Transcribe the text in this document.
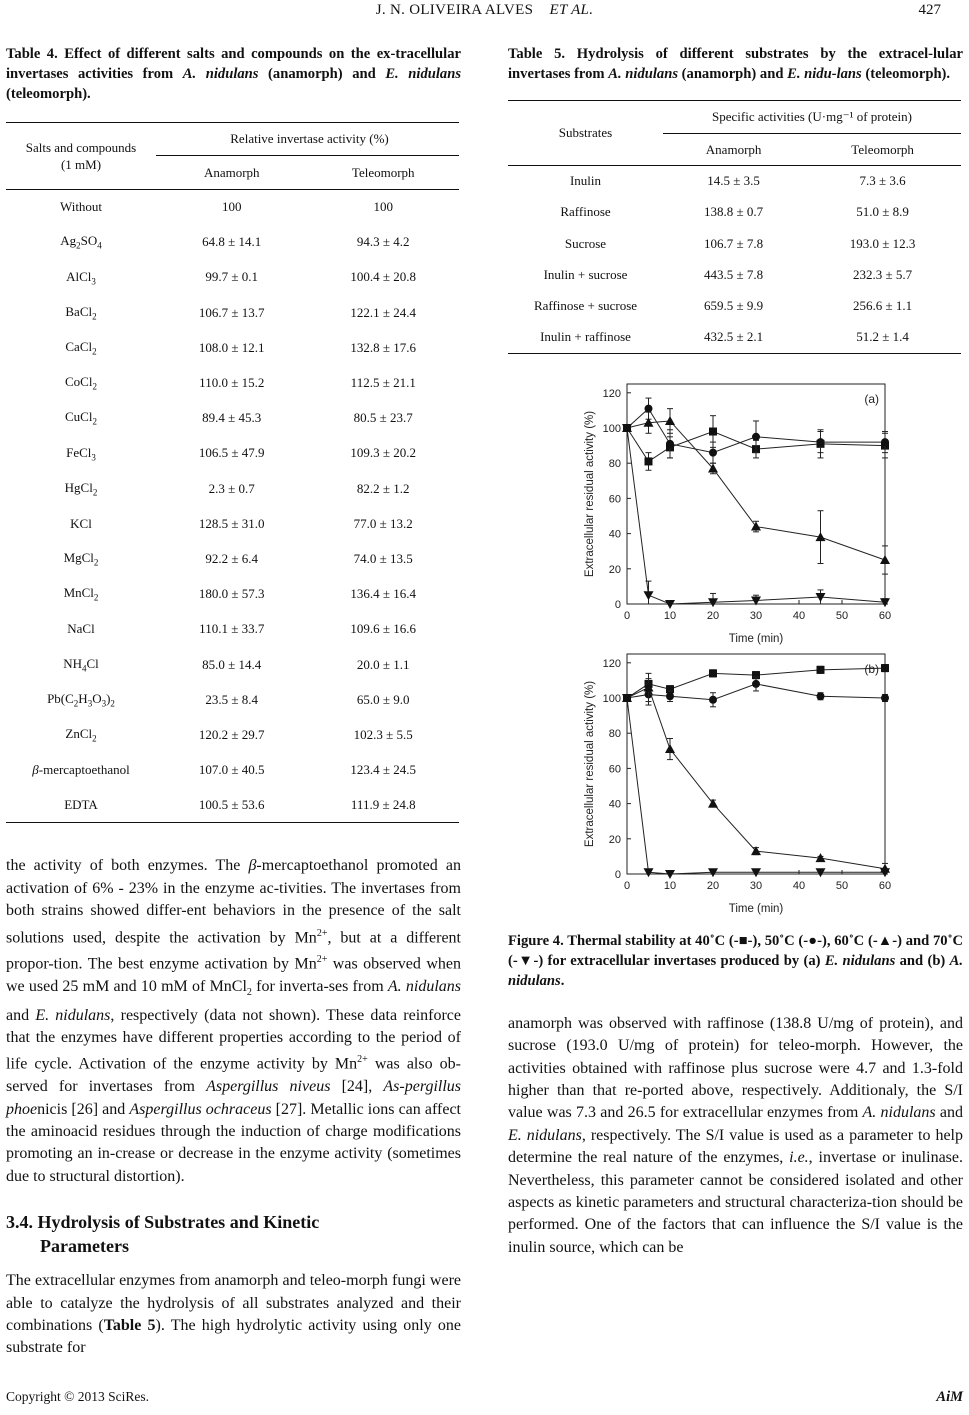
J. N. OLIVEIRA ALVES ET AL.	427

Table 4. Effect of different salts and compounds on the ex-tracellular invertases activities from A. nidulans (anamorph) and E. nidulans (teleomorph).

Salts and compounds
(1 mM)	Relative invertase activity (%)	
	Anamorph	Teleomorph
Without	100	100
$Ag_2SO_4$	64.8 ± 14.1	94.3 ± 4.2
AlCl$_3$	99.7 ± 0.1	100.4 ± 20.8
BaCl$_2$	106.7 ± 13.7	122.1 ± 24.4
CaCl$_2$	108.0 ± 12.1	132.8 ± 17.6
CoCl$_2$	110.0 ± 15.2	112.5 ± 21.1
CuCl$_2$	89.4 ± 45.3	80.5 ± 23.7
FeCl$_3$	106.5 ± 47.9	109.3 ± 20.2
HgCl$_2$	2.3 ± 0.7	82.2 ± 1.2
KCl	128.5 ± 31.0	77.0 ± 13.2
MgCl$_2$	92.2 ± 6.4	74.0 ± 13.5
MnCl$_2$	180.0 ± 57.3	136.4 ± 16.4
NaCl	110.1 ± 33.7	109.6 ± 16.6
$NH_4Cl$	85.0 ± 14.4	20.0 ± 1.1
$Pb(C_2H_3O_3)_2$	23.5 ± 8.4	65.0 ± 9.0
ZnCl$_2$	120.2 ± 29.7	102.3 ± 5.5
β-mercaptoethanol	107.0 ± 40.5	123.4 ± 24.5
EDTA	100.5 ± 53.6	111.9 ± 24.8

the activity of both enzymes. The β-mercaptoethanol promoted an activation of 6% - 23% in the enzyme ac-tivities. The invertases from both strains showed differ-ent behaviors in the presence of the salt solutions used, despite the activation by $Mn^{2+}$, but at a different propor-tion. The best enzyme activation by $Mn^{2+}$ was observed when we used 25 mM and 10 mM of MnCl$_2$ for inverta-ses from A. nidulans and E. nidulans, respectively (data not shown). These data reinforce that the enzymes have different properties according to the period of life cycle. Activation of the enzyme activity by $Mn^{2+}$ was also ob-served for invertases from Aspergillus niveus [24], As-pergillus phoenicis [26] and Aspergillus ochraceus [27]. Metallic ions can affect the aminoacid residues through the induction of charge modifications promoting an in-crease or decrease in the enzyme activity (sometimes due to structural distortion).

3.4. Hydrolysis of Substrates and Kinetic

Parameters

The extracellular enzymes from anamorph and teleo-morph fungi were able to catalyze the hydrolysis of all substrates analyzed and their combinations (Table 5). The high hydrolytic activity using only one substrate for

Table 5. Hydrolysis of different substrates by the extracel-lular invertases from A. nidulans (anamorph) and E. nidu-lans (teleomorph).

Substrates	Specific activities (U·mg⁻¹ of protein)	
	Anamorph	Teleomorph
Inulin	14.5 ± 3.5	7.3 ± 3.6
Raffinose	138.8 ± 0.7	51.0 ± 8.9
Sucrose	106.7 ± 7.8	193.0 ± 12.3
Inulin + sucrose	443.5 ± 7.8	232.3 ± 5.7
Raffinose + sucrose	659.5 ± 9.9	256.6 ± 1.1
Inulin + raffinose	432.5 ± 2.1	51.2 ± 1.4
0
20
40
60
80
100
120
0	10	20	30	40	50	60
Time (min)
Extracellular residual activity (%)
(a)
0
20
40
60
80
100
120
0	10	20	30	40	50	60
Time (min)
Extracellular residual activity (%)
(b)

Figure 4. Thermal stability at 40˚C (-■-), 50˚C (-●-), 60˚C (-▲-) and 70˚C (-▼-) for extracellular invertases produced by (a) E. nidulans and (b) A. nidulans.

anamorph was observed with raffinose (138.8 U/mg of protein), and sucrose (193.0 U/mg of protein) for teleo-morph. However, the activities obtained with raffinose plus sucrose were 4.7 and 1.3-fold higher than that re-ported above, respectively. Additionaly, the S/I value was 7.3 and 26.5 for extracellular enzymes from A. nidulans and E. nidulans, respectively. The S/I value is used as a parameter to help determine the real nature of the enzymes, i.e., invertase or inulinase. Nevertheless, this parameter cannot be considered isolated and other aspects as kinetic parameters and structural characteriza-tion should be performed. One of the factors that can influence the S/I value is the inulin source, which can be

Copyright © 2013 SciRes.	AiM
